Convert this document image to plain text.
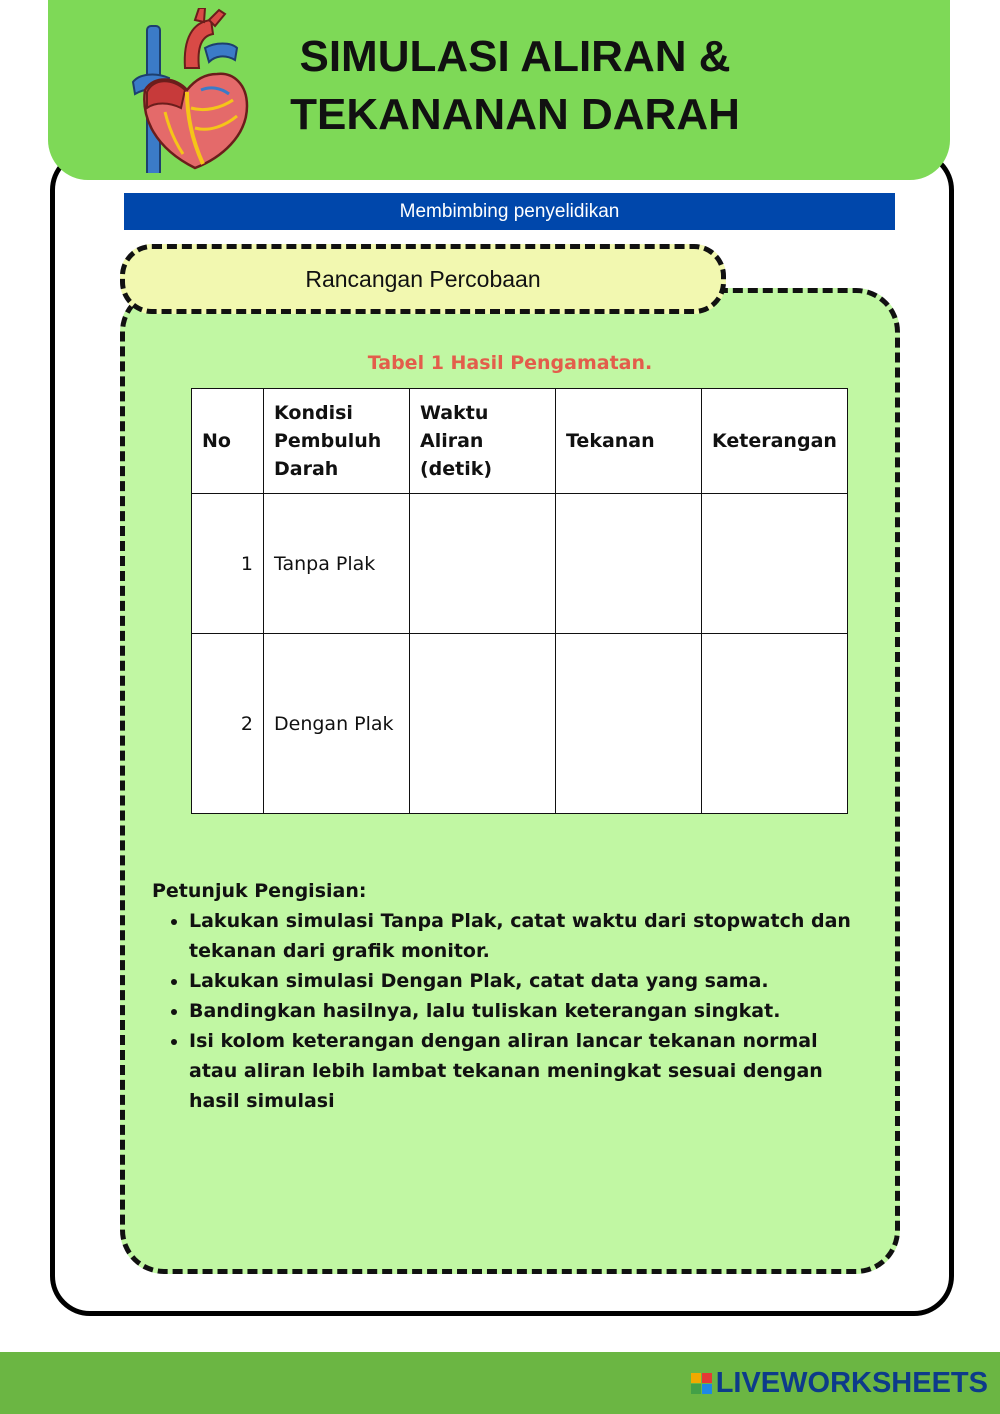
SIMULASI ALIRAN &
TEKANANAN DARAH
Membimbing penyelidikan
Rancangan Percobaan
Tabel 1 Hasil Pengamatan.
No	Kondisi Pembuluh Darah	Waktu Aliran (detik)	Tekanan	Keterangan
1	Tanpa Plak			
2	Dengan Plak			
Petunjuk Pengisian:
• Lakukan simulasi Tanpa Plak, catat waktu dari stopwatch dan tekanan dari grafik monitor.
• Lakukan simulasi Dengan Plak, catat data yang sama.
• Bandingkan hasilnya, lalu tuliskan keterangan singkat.
• Isi kolom keterangan dengan aliran lancar tekanan normal atau aliran lebih lambat tekanan meningkat sesuai dengan hasil simulasi
LIVEWORKSHEETS
